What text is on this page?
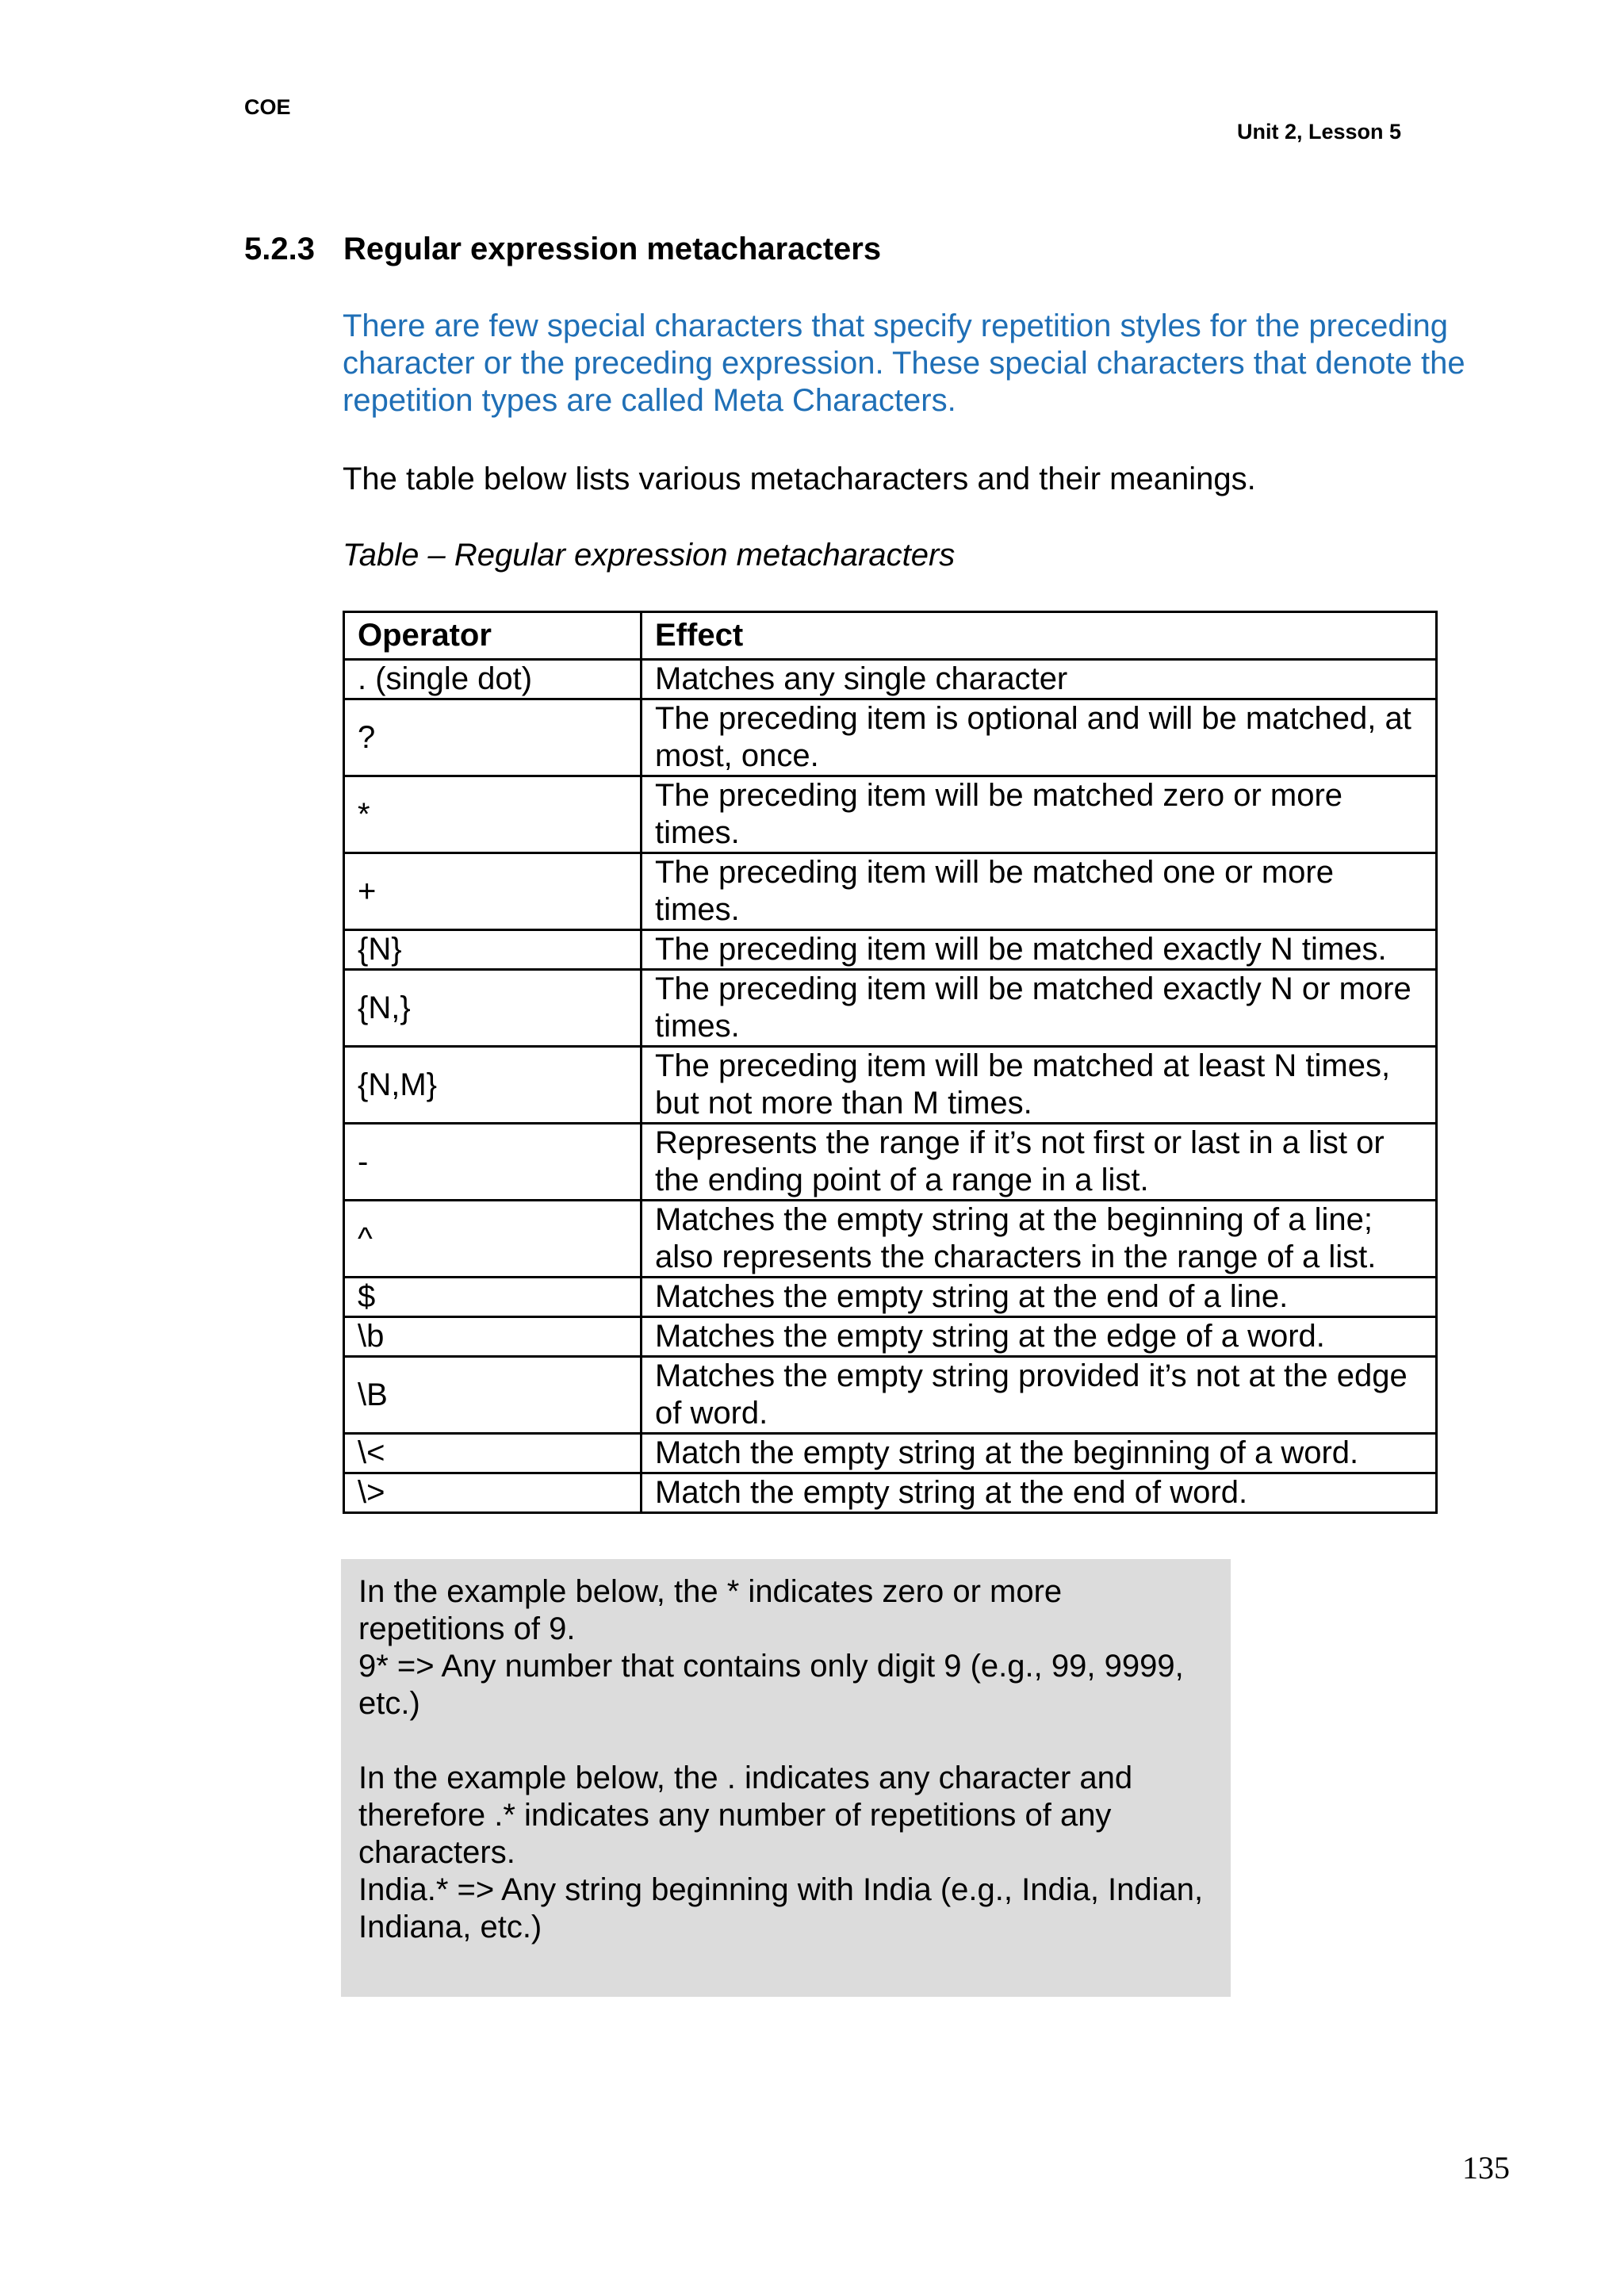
COE
Unit 2, Lesson 5
5.2.3 Regular expression metacharacters
There are few special characters that specify repetition styles for the preceding character or the preceding expression. These special characters that denote the repetition types are called Meta Characters.
The table below lists various metacharacters and their meanings.
Table – Regular expression metacharacters
Operator	Effect
. (single dot)	Matches any single character
?	The preceding item is optional and will be matched, at most, once.
*	The preceding item will be matched zero or more times.
+	The preceding item will be matched one or more times.
{N}	The preceding item will be matched exactly N times.
{N,}	The preceding item will be matched exactly N or more times.
{N,M}	The preceding item will be matched at least N times, but not more than M times.
-	Represents the range if it’s not first or last in a list or the ending point of a range in a list.
^	Matches the empty string at the beginning of a line; also represents the characters in the range of a list.
$	Matches the empty string at the end of a line.
\b	Matches the empty string at the edge of a word.
\B	Matches the empty string provided it’s not at the edge of word.
\<	Match the empty string at the beginning of a word.
\>	Match the empty string at the end of word.

In the example below, the * indicates zero or more repetitions of 9.

9* => Any number that contains only digit 9 (e.g., 99, 9999, etc.)

In the example below, the . indicates any character and therefore .* indicates any number of repetitions of any characters.

India.* => Any string beginning with India (e.g., India, Indian, Indiana, etc.)

135
